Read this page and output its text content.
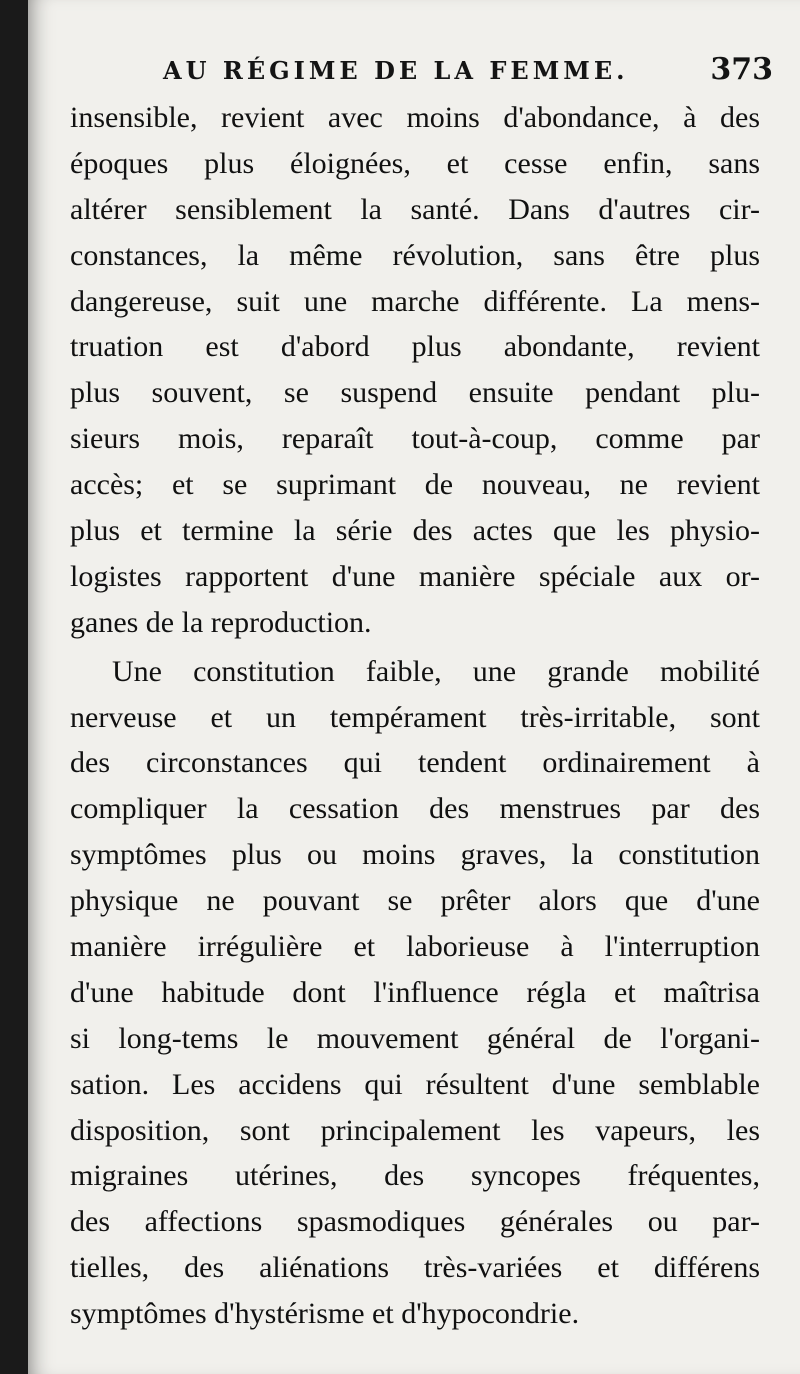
AU RÉGIME DE LA FEMME.	373
insensible, revient avec moins d'abondance, à des
époques plus éloignées, et cesse enfin, sans
altérer sensiblement la santé. Dans d'autres cir-
constances, la même révolution, sans être plus
dangereuse, suit une marche différente. La mens-
truation est d'abord plus abondante, revient
plus souvent, se suspend ensuite pendant plu-
sieurs mois, reparaît tout-à-coup, comme par
accès; et se suprimant de nouveau, ne revient
plus et termine la série des actes que les physio-
logistes rapportent d'une manière spéciale aux or-
ganes de la reproduction.
Une constitution faible, une grande mobilité
nerveuse et un tempérament très-irritable, sont
des circonstances qui tendent ordinairement à
compliquer la cessation des menstrues par des
symptômes plus ou moins graves, la constitution
physique ne pouvant se prêter alors que d'une
manière irrégulière et laborieuse à l'interruption
d'une habitude dont l'influence régla et maîtrisa
si long-tems le mouvement général de l'organi-
sation. Les accidens qui résultent d'une semblable
disposition, sont principalement les vapeurs, les
migraines utérines, des syncopes fréquentes,
des affections spasmodiques générales ou par-
tielles, des aliénations très-variées et différens
symptômes d'hystérisme et d'hypocondrie.
